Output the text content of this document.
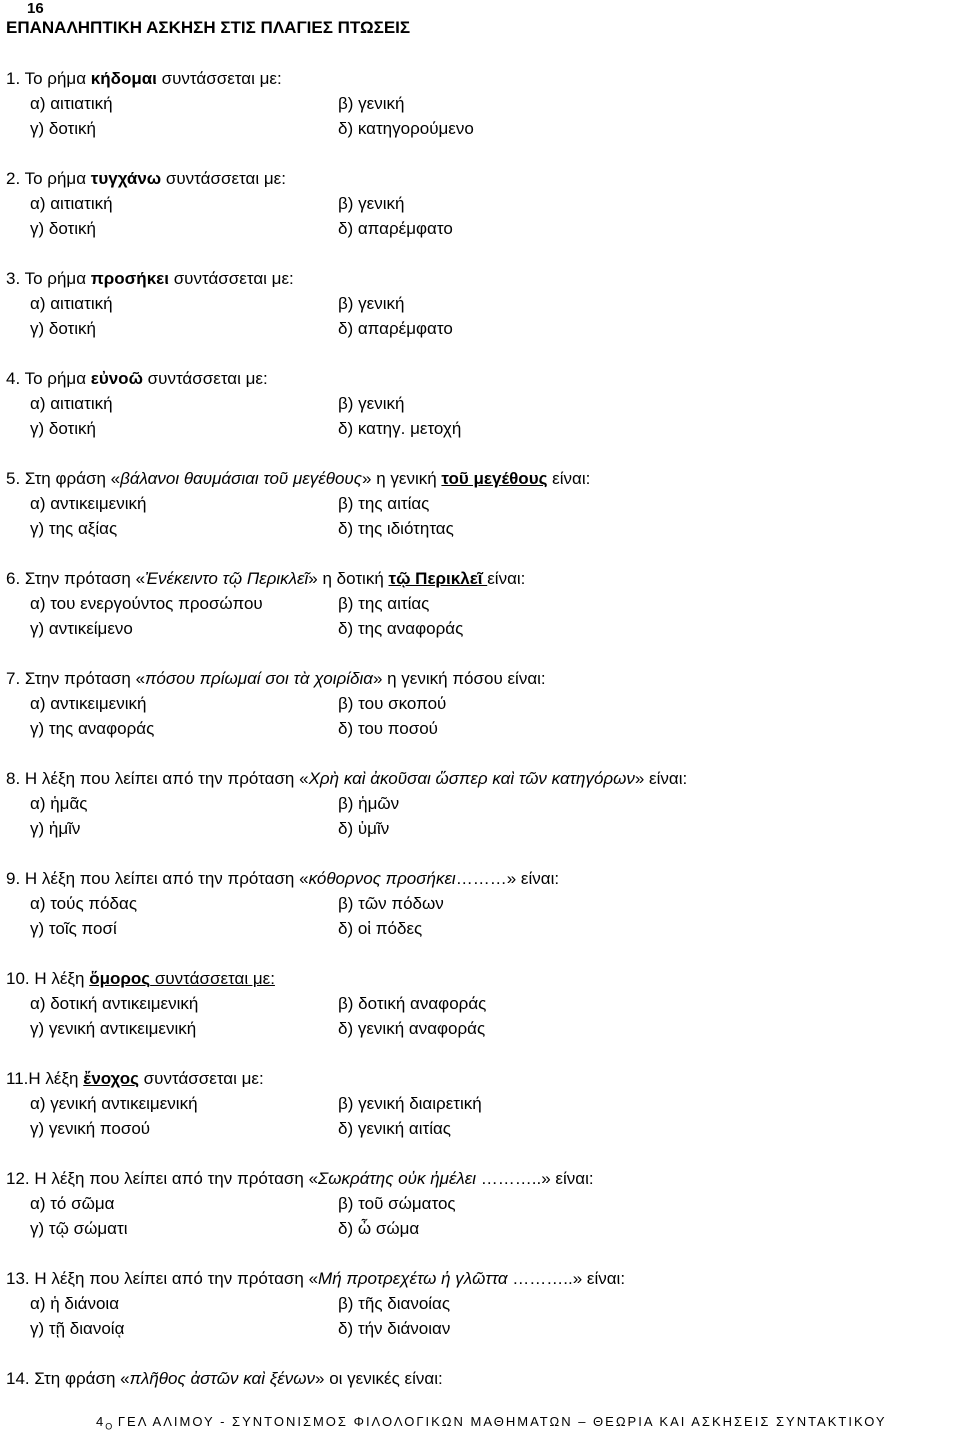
16
ΕΠΑΝΑΛΗΠΤΙΚΗ ΑΣΚΗΣΗ ΣΤΙΣ ΠΛΑΓΙΕΣ ΠΤΩΣΕΙΣ
1. Το ρήμα κήδομαι συντάσσεται με:
α) αιτιατική	β) γενική
γ) δοτική	δ) κατηγορούμενο
2. Το ρήμα τυγχάνω συντάσσεται με:
α) αιτιατική	β) γενική
γ) δοτική	δ) απαρέμφατο
3. Το ρήμα προσήκει συντάσσεται με:
α) αιτιατική	β) γενική
γ) δοτική	δ) απαρέμφατο
4. Το ρήμα εὐνοῶ συντάσσεται με:
α) αιτιατική	β) γενική
γ) δοτική	δ) κατηγ. μετοχή
5. Στη φράση «βάλανοι θαυμάσιαι τοῦ μεγέθους» η γενική τοῦ μεγέθους είναι:
α) αντικειμενική	β) της αιτίας
γ) της αξίας	δ) της ιδιότητας
6. Στην πρόταση «Ἐνέκειντο τῷ Περικλεῖ» η δοτική τῷ Περικλεῖ είναι:
α) του ενεργούντος προσώπου	β) της αιτίας
γ) αντικείμενο	δ) της αναφοράς
7. Στην πρόταση «πόσου πρίωμαί σοι τὰ χοιρίδια» η γενική πόσου είναι:
α) αντικειμενική	β) του σκοπού
γ) της αναφοράς	δ) του ποσού
8. Η λέξη που λείπει από την πρόταση «Χρὴ καὶ ἀκοῦσαι ὥσπερ καὶ τῶν κατηγόρων» είναι:
α) ἡμᾶς	β) ἡμῶν
γ) ἡμῖν	δ) ὑμῖν
9. Η λέξη που λείπει από την πρόταση «κόθορνος προσήκει………» είναι:
α) τούς πόδας	β) τῶν πόδων
γ) τοῖς ποσί	δ) οἱ πόδες
10. Η λέξη ὅμορος συντάσσεται με:
α) δοτική αντικειμενική	β) δοτική αναφοράς
γ) γενική αντικειμενική	δ) γενική αναφοράς
11.Η λέξη ἔνοχος συντάσσεται με:
α) γενική αντικειμενική	β) γενική διαιρετική
γ) γενική ποσού	δ) γενική αιτίας
12. Η λέξη που λείπει από την πρόταση «Σωκράτης οὐκ ἠμέλει ………..» είναι:
α) τό σῶμα	β) τοῦ σώματος
γ) τῷ σώματι	δ) ὦ σώμα
13. Η λέξη που λείπει από την πρόταση «Μή προτρεχέτω ἡ γλῶττα ………..» είναι:
α) ἡ διάνοια	β) τῆς διανοίας
γ) τῇ διανοίᾳ	δ) τήν διάνοιαν
14. Στη φράση «πλῆθος ἀστῶν καὶ ξένων» οι γενικές είναι:
$4_O$ ΓΕΛ ΑΛΙΜΟΥ - ΣΥΝΤΟΝΙΣΜΟΣ ΦΙΛΟΛΟΓΙΚΩΝ ΜΑΘΗΜΑΤΩΝ – ΘΕΩΡΙΑ ΚΑΙ ΑΣΚΗΣΕΙΣ ΣΥΝΤΑΚΤΙΚΟΥ
